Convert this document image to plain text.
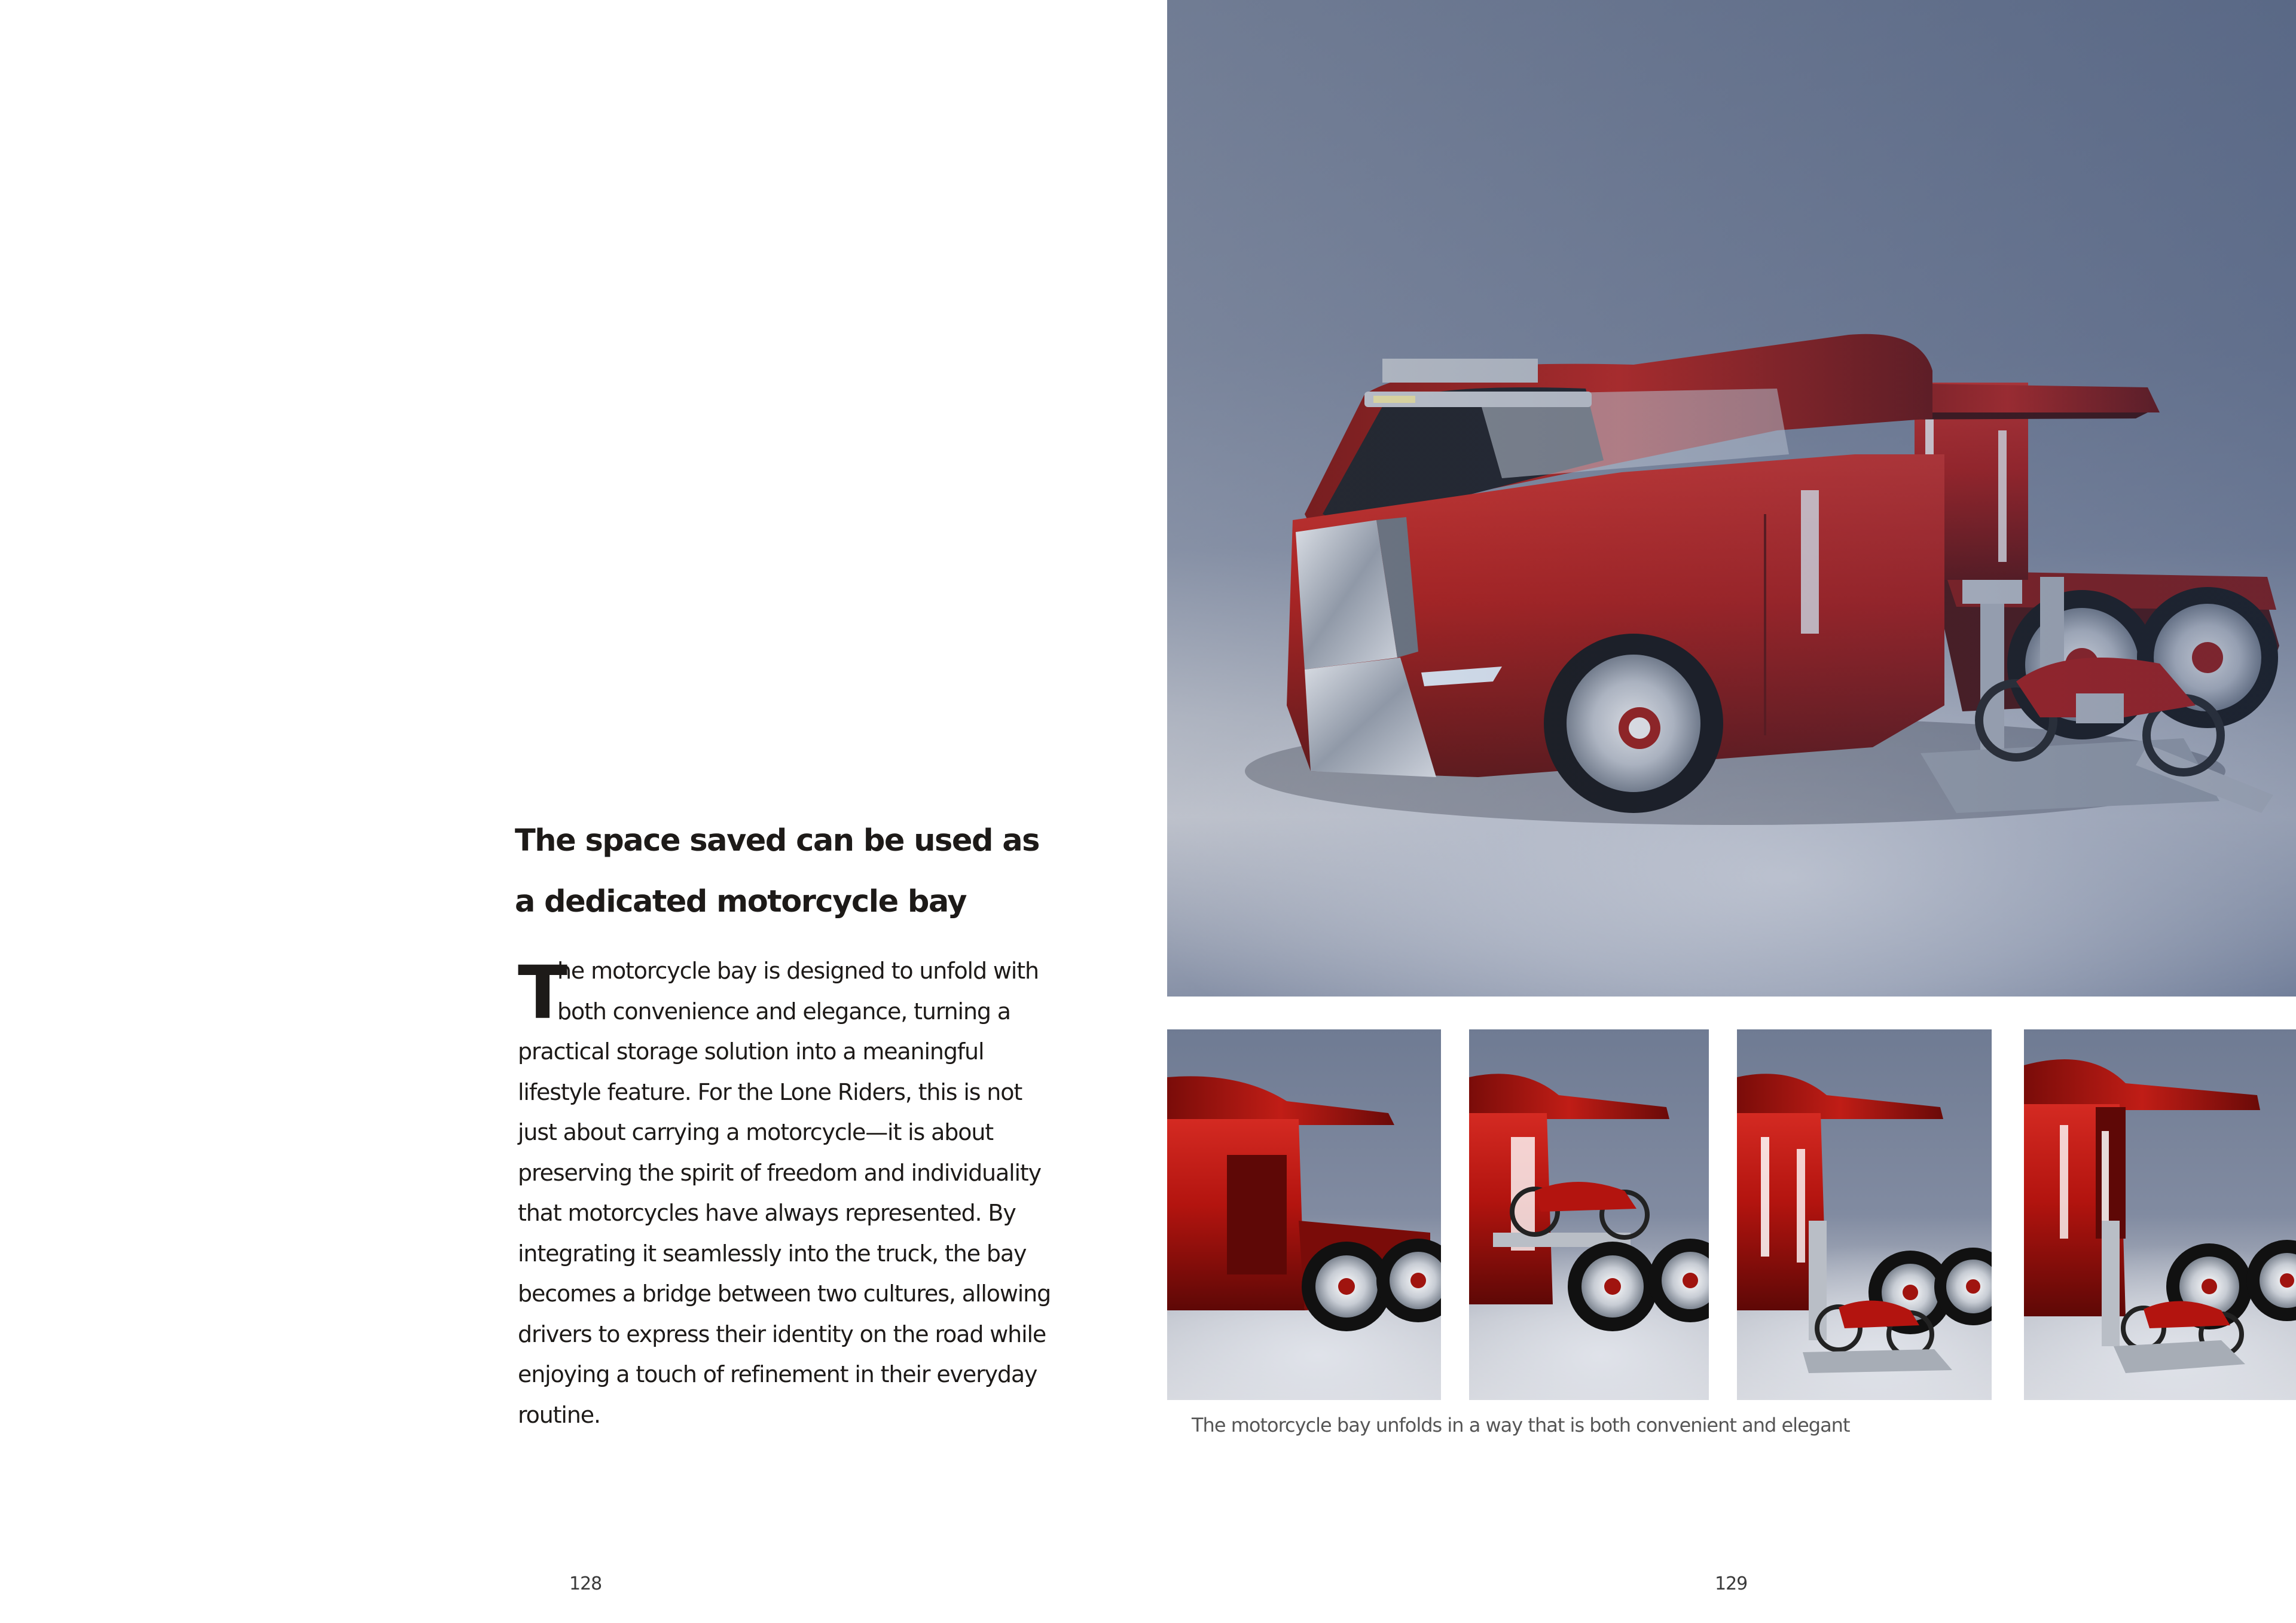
The space saved can be used as
a dedicated motorcycle bay
T
he motorcycle bay is designed to unfold with
both convenience and elegance, turning a
practical storage solution into a meaningful
lifestyle feature. For the Lone Riders, this is not
just about carrying a motorcycle—it is about
preserving the spirit of freedom and individuality
that motorcycles have always represented. By
integrating it seamlessly into the truck, the bay
becomes a bridge between two cultures, allowing
drivers to express their identity on the road while
enjoying a touch of refinement in their everyday
routine.
128
The motorcycle bay unfolds in a way that is both convenient and elegant
129
